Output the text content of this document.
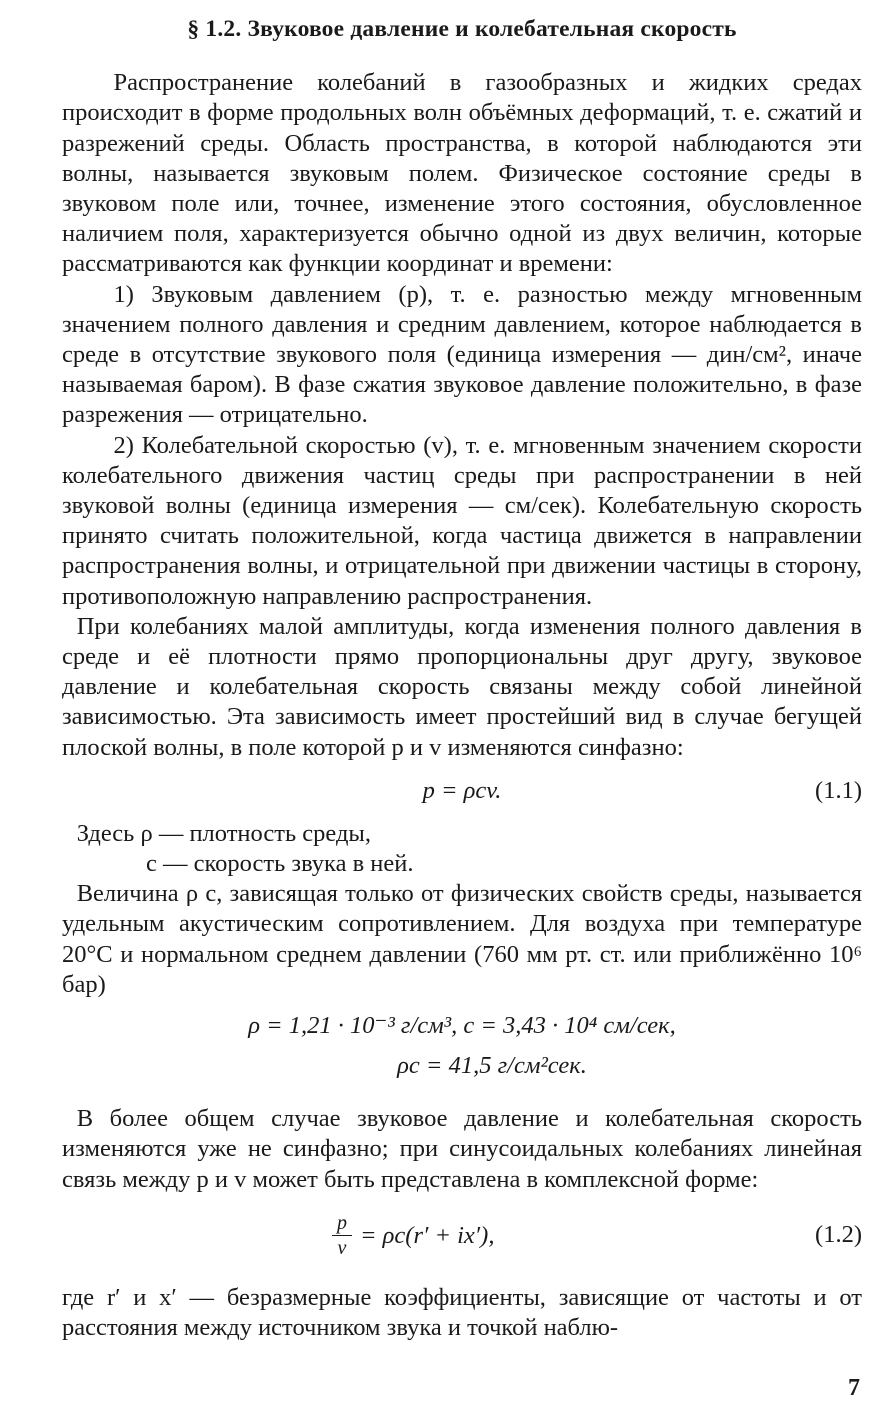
§ 1.2. Звуковое давление и колебательная скорость

Распространение колебаний в газообразных и жидких средах происходит в форме продольных волн объёмных деформаций, т. е. сжатий и разрежений среды. Область пространства, в которой наблюдаются эти волны, называется звуковым полем. Физическое состояние среды в звуковом поле или, точнее, изменение этого состояния, обусловленное наличием поля, характеризуется обычно одной из двух величин, которые рассматриваются как функции координат и времени:

1) Звуковым давлением (p), т. е. разностью между мгновенным значением полного давления и средним давлением, которое наблюдается в среде в отсутствие звукового поля (единица измерения — дин/см², иначе называемая баром). В фазе сжатия звуковое давление положительно, в фазе разрежения — отрицательно.

2) Колебательной скоростью (v), т. е. мгновенным значением скорости колебательного движения частиц среды при распространении в ней звуковой волны (единица измерения — см/сек). Колебательную скорость принято считать положительной, когда частица движется в направлении распространения волны, и отрицательной при движении частицы в сторону, противоположную направлению распространения.

При колебаниях малой амплитуды, когда изменения полного давления в среде и её плотности прямо пропорциональны друг другу, звуковое давление и колебательная скорость связаны между собой линейной зависимостью. Эта зависимость имеет простейший вид в случае бегущей плоской волны, в поле которой p и v изменяются синфазно:

p = ρcv.	(1.1)

Здесь ρ — плотность среды,

c — скорость звука в ней.

Величина ρ c, зависящая только от физических свойств среды, называется удельным акустическим сопротивлением. Для воздуха при температуре 20°С и нормальном среднем давлении (760 мм рт. ст. или приближённо 10⁶ бар)

ρ = 1,21 · 10⁻³ г/см³, c = 3,43 · 10⁴ см/сек,
ρc = 41,5 г/см²сек.

В более общем случае звуковое давление и колебательная скорость изменяются уже не синфазно; при синусоидальных колебаниях линейная связь между p и v может быть представлена в комплексной форме:

$\frac{p}{v} = \rho c(r' + ix')$,	(1.2)

где r′ и x′ — безразмерные коэффициенты, зависящие от частоты и от расстояния между источником звука и точкой наблю-

7
